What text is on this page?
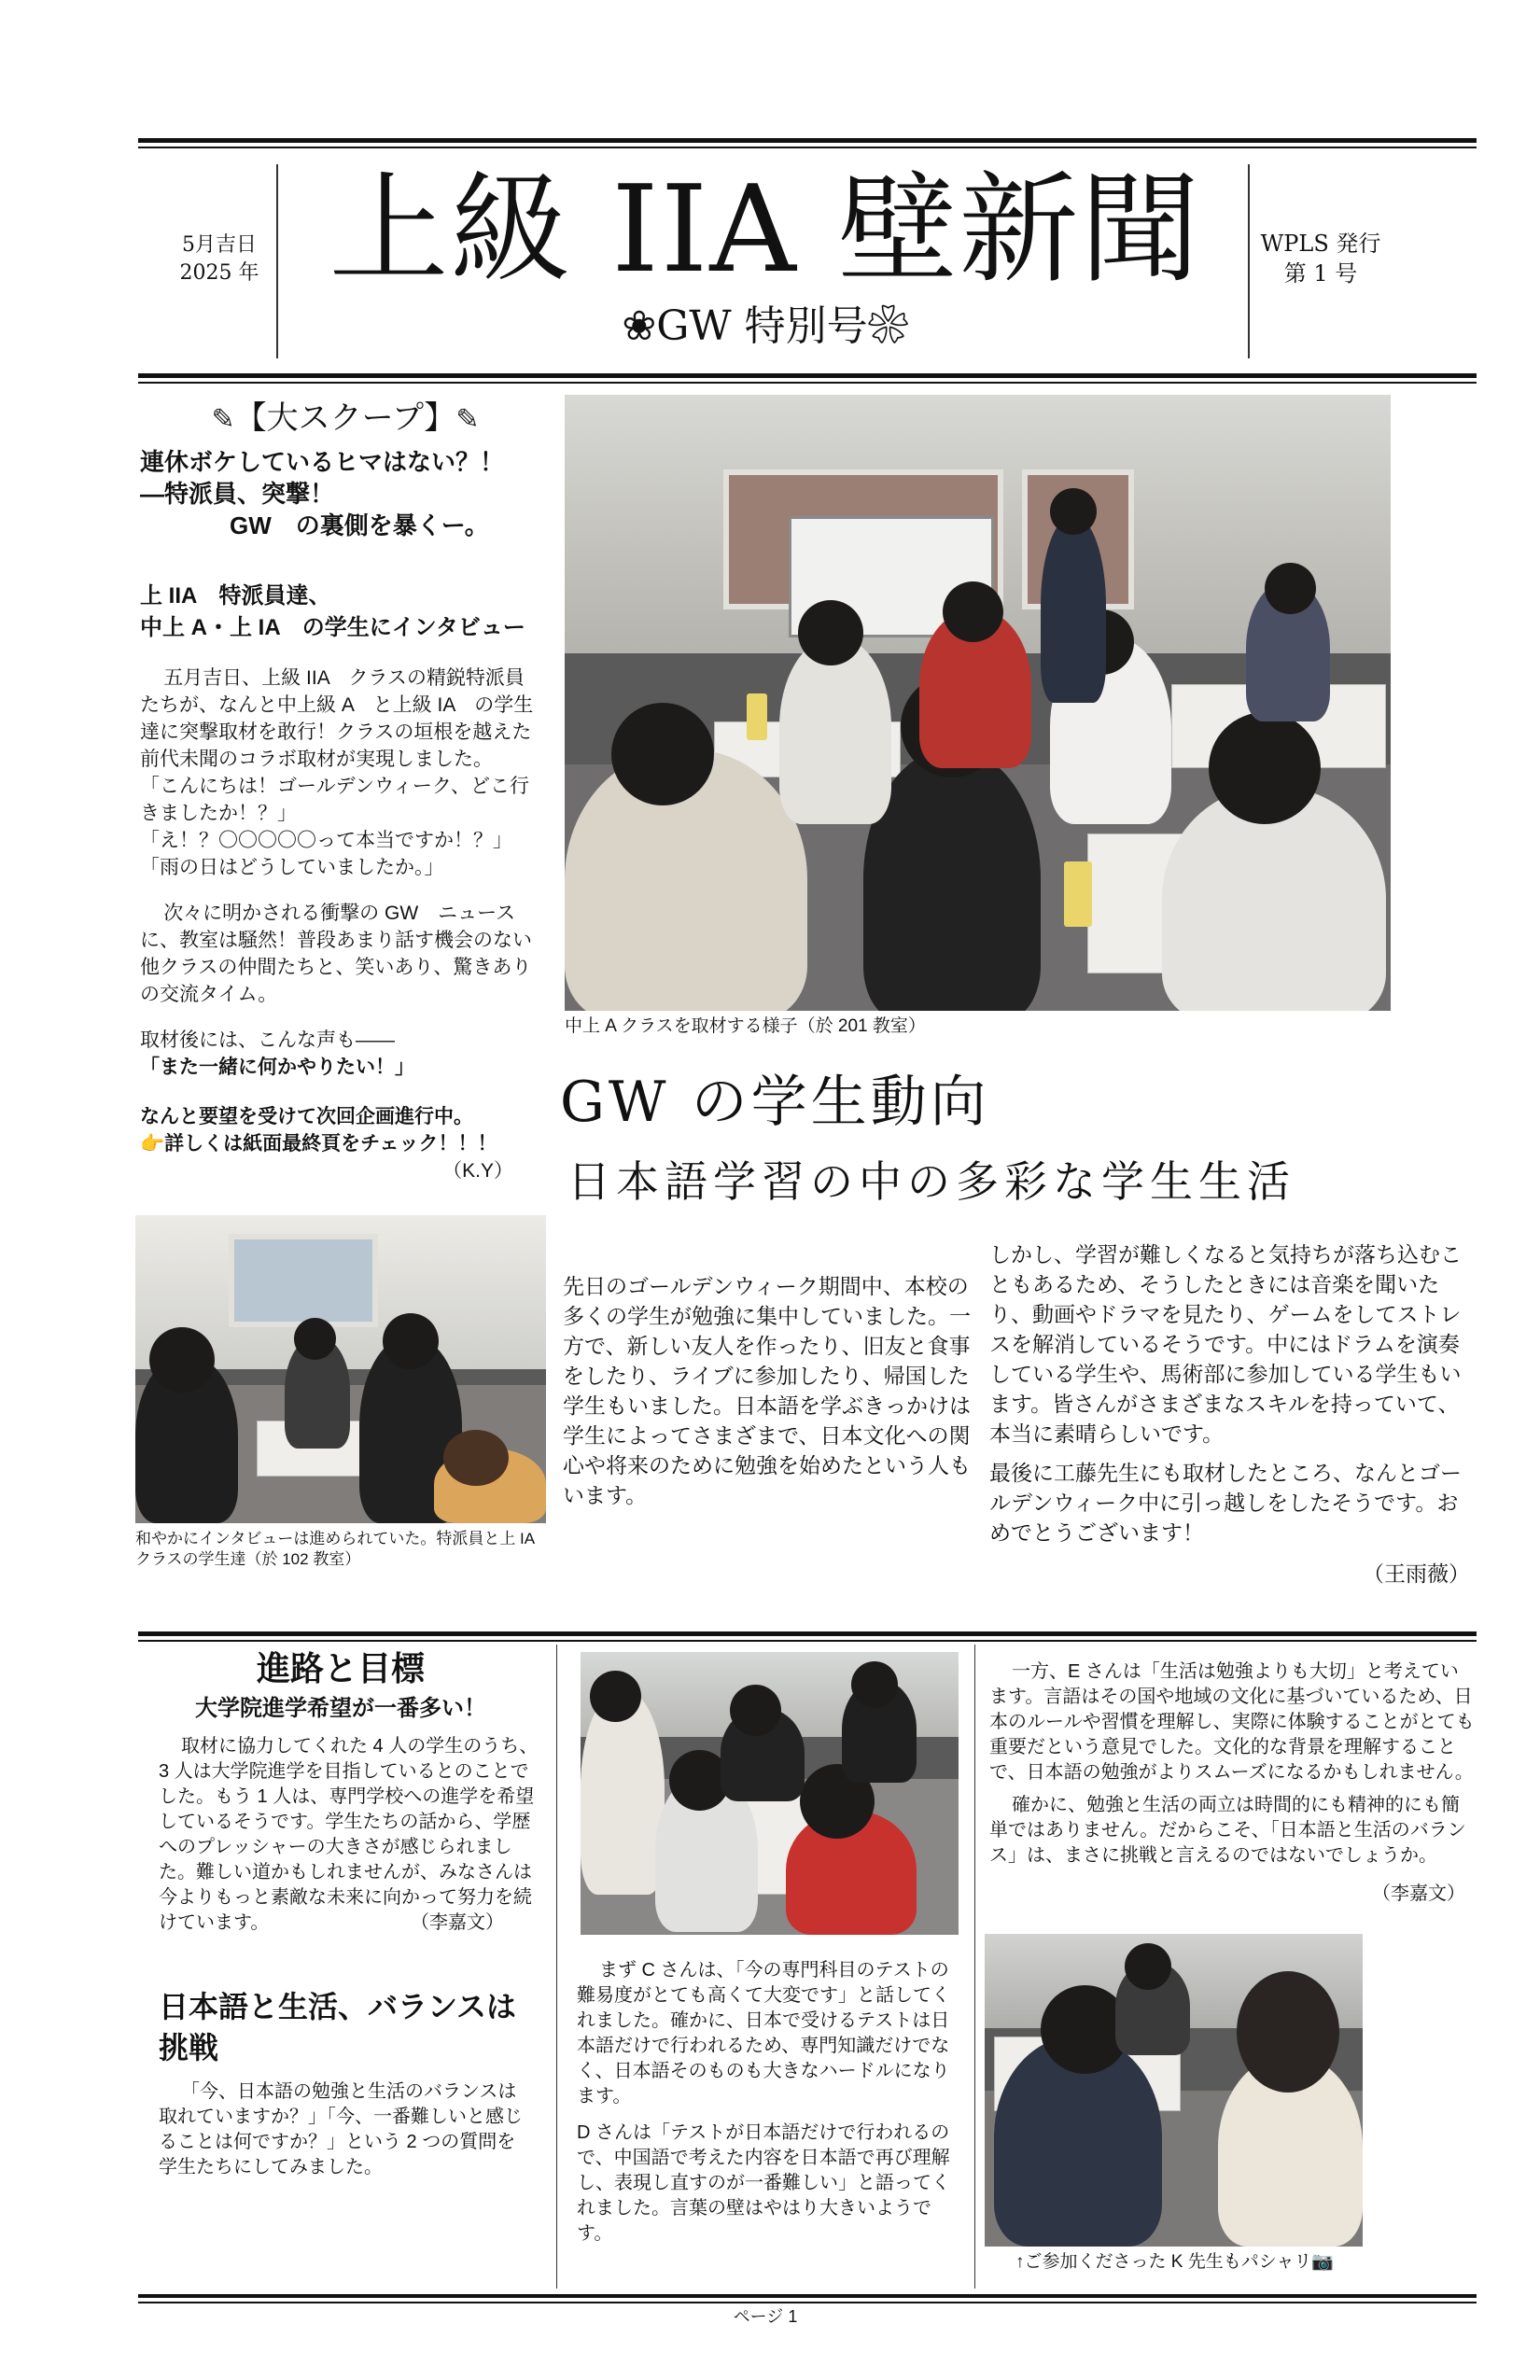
5月吉日
2025 年 上級 IIA 壁新聞
❀GW 特別号❀
WPLS 発行
第 1 号
✎【大スクープ】✎
連休ボケしているヒマはない？！
―特派員、突撃！
GW　の裏側を暴くー。
上 IIA　特派員達、
中上 A・上 IA　の学生にインタビュー

五月吉日、上級 IIA　クラスの精鋭特派員たちが、なんと中上級 A　と上級 IA　の学生達に突撃取材を敢行！クラスの垣根を越えた前代未聞のコラボ取材が実現しました。

「こんにちは！ゴールデンウィーク、どこ行きましたか！？」

「え！？〇〇〇〇〇って本当ですか！？」

「雨の日はどうしていましたか。」

次々に明かされる衝撃の GW　ニュースに、教室は騒然！普段あまり話す機会のない他クラスの仲間たちと、笑いあり、驚きありの交流タイム。

取材後には、こんな声も――

「また一緒に何かやりたい！」

なんと要望を受けて次回企画進行中。

👉詳しくは紙面最終頁をチェック！！！

（K.Y）

中上 A クラスを取材する様子（於 201 教室）
和やかにインタビューは進められていた。特派員と上 IA クラスの学生達（於 102 教室）
GW の学生動向
日本語学習の中の多彩な学生生活
先日のゴールデンウィーク期間中、本校の多くの学生が勉強に集中していました。一方で、新しい友人を作ったり、旧友と食事をしたり、ライブに参加したり、帰国した学生もいました。日本語を学ぶきっかけは学生によってさまざまで、日本文化への関心や将来のために勉強を始めたという人もいます。

しかし、学習が難しくなると気持ちが落ち込むこともあるため、そうしたときには音楽を聞いたり、動画やドラマを見たり、ゲームをしてストレスを解消しているそうです。中にはドラムを演奏している学生や、馬術部に参加している学生もいます。皆さんがさまざまなスキルを持っていて、本当に素晴らしいです。

最後に工藤先生にも取材したところ、なんとゴールデンウィーク中に引っ越しをしたそうです。おめでとうございます！

（王雨薇）

進路と目標
大学院進学希望が一番多い！

取材に協力してくれた 4 人の学生のうち、3 人は大学院進学を目指しているとのことでした。もう 1 人は、専門学校への進学を希望しているそうです。学生たちの話から、学歴へのプレッシャーの大きさが感じられました。難しい道かもしれませんが、みなさんは今よりもっと素敵な未来に向かって努力を続けています。	（李嘉文）

日本語と生活、バランスは挑戦
「今、日本語の勉強と生活のバランスは取れていますか？」「今、一番難しいと感じることは何ですか？」という 2 つの質問を学生たちにしてみました。

まず C さんは、「今の専門科目のテストの難易度がとても高くて大変です」と話してくれました。確かに、日本で受けるテストは日本語だけで行われるため、専門知識だけでなく、日本語そのものも大きなハードルになります。

D さんは「テストが日本語だけで行われるので、中国語で考えた内容を日本語で再び理解し、表現し直すのが一番難しい」と語ってくれました。言葉の壁はやはり大きいようです。

一方、E さんは「生活は勉強よりも大切」と考えています。言語はその国や地域の文化に基づいているため、日本のルールや習慣を理解し、実際に体験することがとても重要だという意見でした。文化的な背景を理解することで、日本語の勉強がよりスムーズになるかもしれません。

確かに、勉強と生活の両立は時間的にも精神的にも簡単ではありません。だからこそ、「日本語と生活のバランス」は、まさに挑戦と言えるのではないでしょうか。

（李嘉文）

↑ご参加くださった K 先生もパシャリ📷
ページ 1
